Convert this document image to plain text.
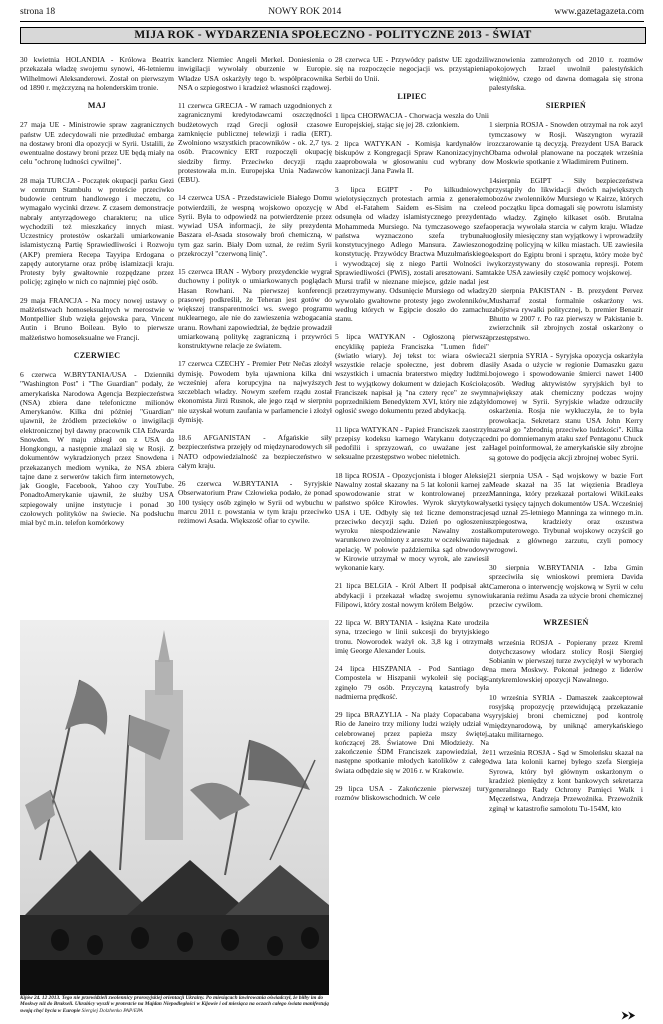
strona 18	NOWY ROK 2014	www.gazetagazeta.com
MIJA ROK - WYDARZENIA SPOŁECZNO - POLITYCZNE 2013 - ŚWIAT

30 kwietnia HOLANDIA - Królowa Beatrix przekazała władzę swojemu synowi, 46-letniemu Wilhelmowi Aleksanderowi. Został on pierwszym od 1890 r. mężczyzną na holenderskim tronie.

MAJ

27 maja UE - Ministrowie spraw zagranicznych państw UE zdecydowali nie przedłużać embarga na dostawy broni dla opozycji w Syrii. Ustalili, że ewentualne dostawy broni przez UE będą miały na celu "ochronę ludności cywilnej".

28 maja TURCJA - Początek okupacji parku Gezi w centrum Stambułu w proteście przeciwko budowie centrum handlowego i meczetu, co wymagało wycinki drzew. Z czasem demonstracje nabrały antyrządowego charakteru; na ulice wychodzili też mieszkańcy innych miast. Uczestnicy protestów oskarżali umiarkowanie islamistyczną Partię Sprawiedliwości i Rozwoju (AKP) premiera Recepa Tayyipa Erdogana o zapędy autorytarne oraz próbę islamizacji kraju. Protesty były gwałtownie rozpędzane przez policję; zginęło w nich co najmniej pięć osób.

29 maja FRANCJA - Na mocy nowej ustawy o małżeństwach homoseksualnych w merostwie w Montpellier ślub wzięła gejowska para, Vincent Autin i Bruno Boileau. Było to pierwsze małżeństwo homoseksualne we Francji.

CZERWIEC

6 czerwca W.BRYTANIA/USA - Dzienniki "Washington Post" i "The Guardian" podały, że amerykańska Narodowa Agencja Bezpieczeństwa (NSA) zbiera dane telefoniczne milionów Amerykanów. Kilka dni później "Guardian" ujawnił, że źródłem przecieków o inwigilacji elektronicznej był dawny pracownik CIA Edwarda Snowden. W maju zbiegł on z USA do Hongkongu, a następnie znalazł się w Rosji. Z dokumentów wykradzionych przez Snowdena i przekazanych mediom wynika, że NSA zbiera tajne dane z serwerów takich firm internetowych, jak Google, Facebook, Yahoo czy YouTube. PonadtoAmerykanie ujawnił, że służby USA szpiegowały unijne instytucje i ponad 30 czołowych polityków na świecie. Na podsłuchu miał być m.in. telefon komórkowy

kanclerz Niemiec Angeli Merkel. Doniesienia o inwigilacji wywołały oburzenie w Europie. Władze USA oskarżyły tego b. współpracownika NSA o szpiegostwo i kradzież własności rządowej.

11 czerwca GRECJA - W ramach uzgodnionych z zagranicznymi kredytodawcami oszczędności budżetowych rząd Grecji ogłosił czasowe zamknięcie publicznej telewizji i radia (ERT). Zwolniono wszystkich pracowników - ok. 2,7 tys. osób. Pracownicy ERT rozpoczęli okupację siedziby firmy. Przeciwko decyzji rządu protestowała m.in. Europejska Unia Nadawców (EBU).

14 czerwca USA - Przedstawiciele Białego Domu potwierdzili, że wespną wojskowo opozycję w Syrii. Była to odpowiedź na potwierdzenie przez wywiad USA informacji, że siły prezydenta Baszara el-Asada stosowały broń chemiczną, w tym gaz sarin. Biały Dom uznał, że reżim Syrii przekroczył "czerwoną linię".

15 czerwca IRAN - Wybory prezydenckie wygrał duchowny i polityk o umiarkowanych poglądach Hasan Rowhani. Na pierwszej konferencji prasowej podkreślił, że Teheran jest gotów do większej transparentności ws. swego programu nuklearnego, ale nie do zawieszenia wzbogacania uranu. Rowhani zapowiedział, że będzie prowadził umiarkowaną politykę zagraniczną i przywróci konstruktywne relacje ze światem.

17 czerwca CZECHY - Premier Petr Nečas złożył dymisję. Powodem była ujawniona kilka dni wcześniej afera korupcyjna na najwyższych szczeblach władzy. Nowym szefem rządu został ekonomista Jirzi Rusnok, ale jego rząd w sierpniu nie uzyskał wotum zaufania w parlamencie i złożył dymisję.

18.6 AFGANISTAN - Afgańskie siły bezpieczeństwa przejęły od międzynarodowych sił NATO odpowiedzialność za bezpieczeństwo w całym kraju.

26 czerwca W.BRYTANIA - Syryjskie Obserwatorium Praw Człowieka podało, że ponad 100 tysięcy osób zginęło w Syrii od wybuchu w marcu 2011 r. powstania w tym kraju przeciwko reżimowi Asada. Większość ofiar to cywile.

28 czerwca UE - Przywódcy państw UE zgodzili się na rozpoczęcie negocjacji ws. przystąpienia Serbii do Unii.

LIPIEC

1 lipca CHORWACJA - Chorwacja weszła do Unii Europejskiej, stając się jej 28. członkiem.

2 lipca WATYKAN - Komisja kardynałów i biskupów z Kongregacji Spraw Kanonizacyjnych zaaprobowała w głosowaniu cud wybrany do kanonizacji Jana Pawła II.

3 lipca EGIPT - Po kilkudniowych wielotysięcznych protestach armia z generałem Abd el-Fatahem Saidem es-Sisim na czele odsunęła od władzy islamistycznego prezydenta Mohammeda Mursiego. Na tymczasowego szefa państwa wyznaczono szefa trybunału konstytucyjnego Adlego Mansura. Zawieszono konstytucję. Przywódcy Bractwa Muzułmańskiego i wywodzącej się z niego Partii Wolności i Sprawiedliwości (PWiS), zostali aresztowani. Sam Mursi trafił w nieznane miejsce, gdzie nadal jest przetrzymywany. Odsunięcie Mursiego od władzy wywołało gwałtowne protesty jego zwolenników, według których w Egipcie doszło do zamachu stanu.

5 lipca WATYKAN - Ogłoszoną pierwszą encyklikę papieża Franciszka "Lumen fidei" (światło wiary). Jej tekst to: wiara oświeca wszystkie relacje społeczne, jest dobrem dla wszystkich i umacnia braterstwo między ludźmi. Jest to wyjątkowy dokument w dziejach Kościoła; Franciszek napisał ją "na cztery ręce" ze swym poprzednikiem Benedyktem XVI, który nie zdążył ogłosić swego dokumentu przed abdykacją.

11 lipca WATYKAN - Papież Franciszek zaostrzył przepisy kodeksu karnego Watykanu dotyczące pedofilii i sprzyzowań, co uważane jest za seksualne przestępstwo wobec nieletnich.

18 lipca ROSJA - Opozycjonista i bloger Aleksiej Nawalny został skazany na 5 lat kolonii karnej za spowodowanie strat w kontrolowanej przez państwo spółce Kirowles. Wyrok skrytykowały USA i UE. Odbyły się też liczne demonstracje przeciwko decyzji sądu. Dzień po ogłoszeniu wyroku niespodziewanie Nawalny został warunkowo zwolniony z aresztu w oczekiwaniu na apelację. W połowie października sąd obwodowy w Kirowie utrzymał w mocy wyrok, ale zawiesił wykonanie kary.

21 lipca BELGIA - Król Albert II podpisał akt abdykacji i przekazał władzę swojemu synowi Filipowi, który został nowym królem Belgów.

22 lipca W. BRYTANIA - księżna Kate urodziła syna, trzeciego w linii sukcesji do brytyjskiego tronu. Noworodek ważył ok. 3,8 kg i otrzymał imię George Alexander Louis.

24 lipca HISZPANIA - Pod Santiago de Compostela w Hiszpanii wykoleił się pociąg; zginęło 79 osób. Przyczyną katastrofy była nadmierna prędkość.

29 lipca BRAZYLIA - Na plaży Copacabana w Rio de Janeiro trzy miliony ludzi wzięły udział w celebrowanej przez papieża mszy świętej, kończącej 28. Światowe Dni Młodzieży. Na zakończenie ŚDM Franciszek zapowiedział, że następne spotkanie młodych katolików z całego świata odbędzie się w 2016 r. w Krakowie.

29 lipca USA - Zakończenie pierwszej tury rozmów bliskowschodnich. W cele

wznowienia zamrożonych od 2010 r. rozmów pokojowych Izrael uwolnił palestyńskich więźniów, czego od dawna domagała się strona palestyńska.

SIERPIEŃ

1 sierpnia ROSJA - Snowden otrzymał na rok azyl tymczasowy w Rosji. Waszyngton wyraził rozczarowanie tą decyzją. Prezydent USA Barack Obama odwołał planowane na początek września w Moskwie spotkanie z Władimirem Putinem.

14sierpnia EGIPT - Siły bezpieczeństwa przystąpiły do likwidacji dwóch największych obozów zwolenników Mursiego w Kairze, których od początku lipca domagali się powrotu islamisty do władzy. Zginęło kilkaset osób. Brutalna operacja wywołała starcia w całym kraju. Władze ogłosiły miesięczny stan wyjątkowy i wprowadziły godzinę policyjną w kilku miastach. UE zawiesiła eksport do Egiptu broni i sprzętu, który może być wykorzystywany do stosowania represji. Potem także USA zawiesiły część pomocy wojskowej.

20 sierpnia PAKISTAN - B. prezydent Pervez Musharraf został formalnie oskarżony ws. zabójstwa rywalki politycznej, b. premier Benazir Bhutto w 2007 r. Po raz pierwszy w Pakistanie b. zwierzchnik sił zbrojnych został oskarżony o przestępstwo.

21 sierpnia SYRIA - Syryjska opozycja oskarżyła siły Asada o użycie w regionie Damaszku gazu bojowego i spowodowanie śmierci nawet 1400 osób. Według aktywistów syryjskich był to największy atak chemiczny podczas wojny domowej w Syrii. Syryjskie władze odrzuciły oskarżenia. Rosja nie wykluczyła, że to była prowokacja. Sekretarz stanu USA John Kerry nazwał go "zbrodnią przeciwko ludzkości". Kilka dni po domniemanym ataku szef Pentagonu Chuck Hagel poinformował, że amerykańskie siły zbrojne są gotowe do podjęcia akcji zbrojnej wobec Syrii.

21 sierpnia USA - Sąd wojskowy w bazie Fort Meade skazał na 35 lat więzienia Bradleya Manninga, który przekazał portalowi WikiLeaks setki tysięcy tajnych dokumentów USA. Wcześniej sąd uznał 25-letniego Manninga za winnego m.in. szpiegostwa, kradzieży oraz oszustwa komputerowego. Trybunał wojskowy oczyścił go jednak z głównego zarzutu, czyli pomocy wrogowi.

30 sierpnia W.BRYTANIA - Izba Gmin sprzeciwiła się wnioskowi premiera Davida Camerona o interwencję wojskową w Syrii w celu ukarania reżimu Asada za użycie broni chemicznej przeciw cywilom.

WRZESIEŃ

8 września ROSJA - Popierany przez Kreml dotychczasowy włodarz stolicy Rosji Siergiej Sobianin w pierwszej turze zwyciężył w wyborach na mera Moskwy. Pokonał jednego z liderów antykremlowskiej opozycji Nawalnego.

10 września SYRIA - Damaszek zaakceptował rosyjską propozycję przewidującą przekazanie syryjskiej broni chemicznej pod kontrolę międzynarodową, by uniknąć amerykańskiego ataku militarnego.

11 września ROSJA - Sąd w Smoleńsku skazał na dwa lata kolonii karnej byłego szefa Siergieja Syrowa, który był głównym oskarżonym o kradzież pieniędzy z kont bankowych sekretarza generalnego Rady Ochrony Pamięci Walk i Męczeństwa, Andrzeja Przewoźnika. Przewoźnik zginął w katastrofie samolotu Tu-154M, kto

Kijów 24. 12 2013. Tego nie przewidzieli zwolennicy prorosyjskiej orientacji Ukrainy. Po miesiącach lawirowania oświadczył, że biłby im do Moskwy niż do Brukseli. Ukraińcy wyszli w protestcie na Majdan Niepodległości w Kijowie i od miesiąca na oczach całego świata manifestują swoją chęć bycia w Europie Siergiej Dolzhenko PAP/EPA	⮞⮞
